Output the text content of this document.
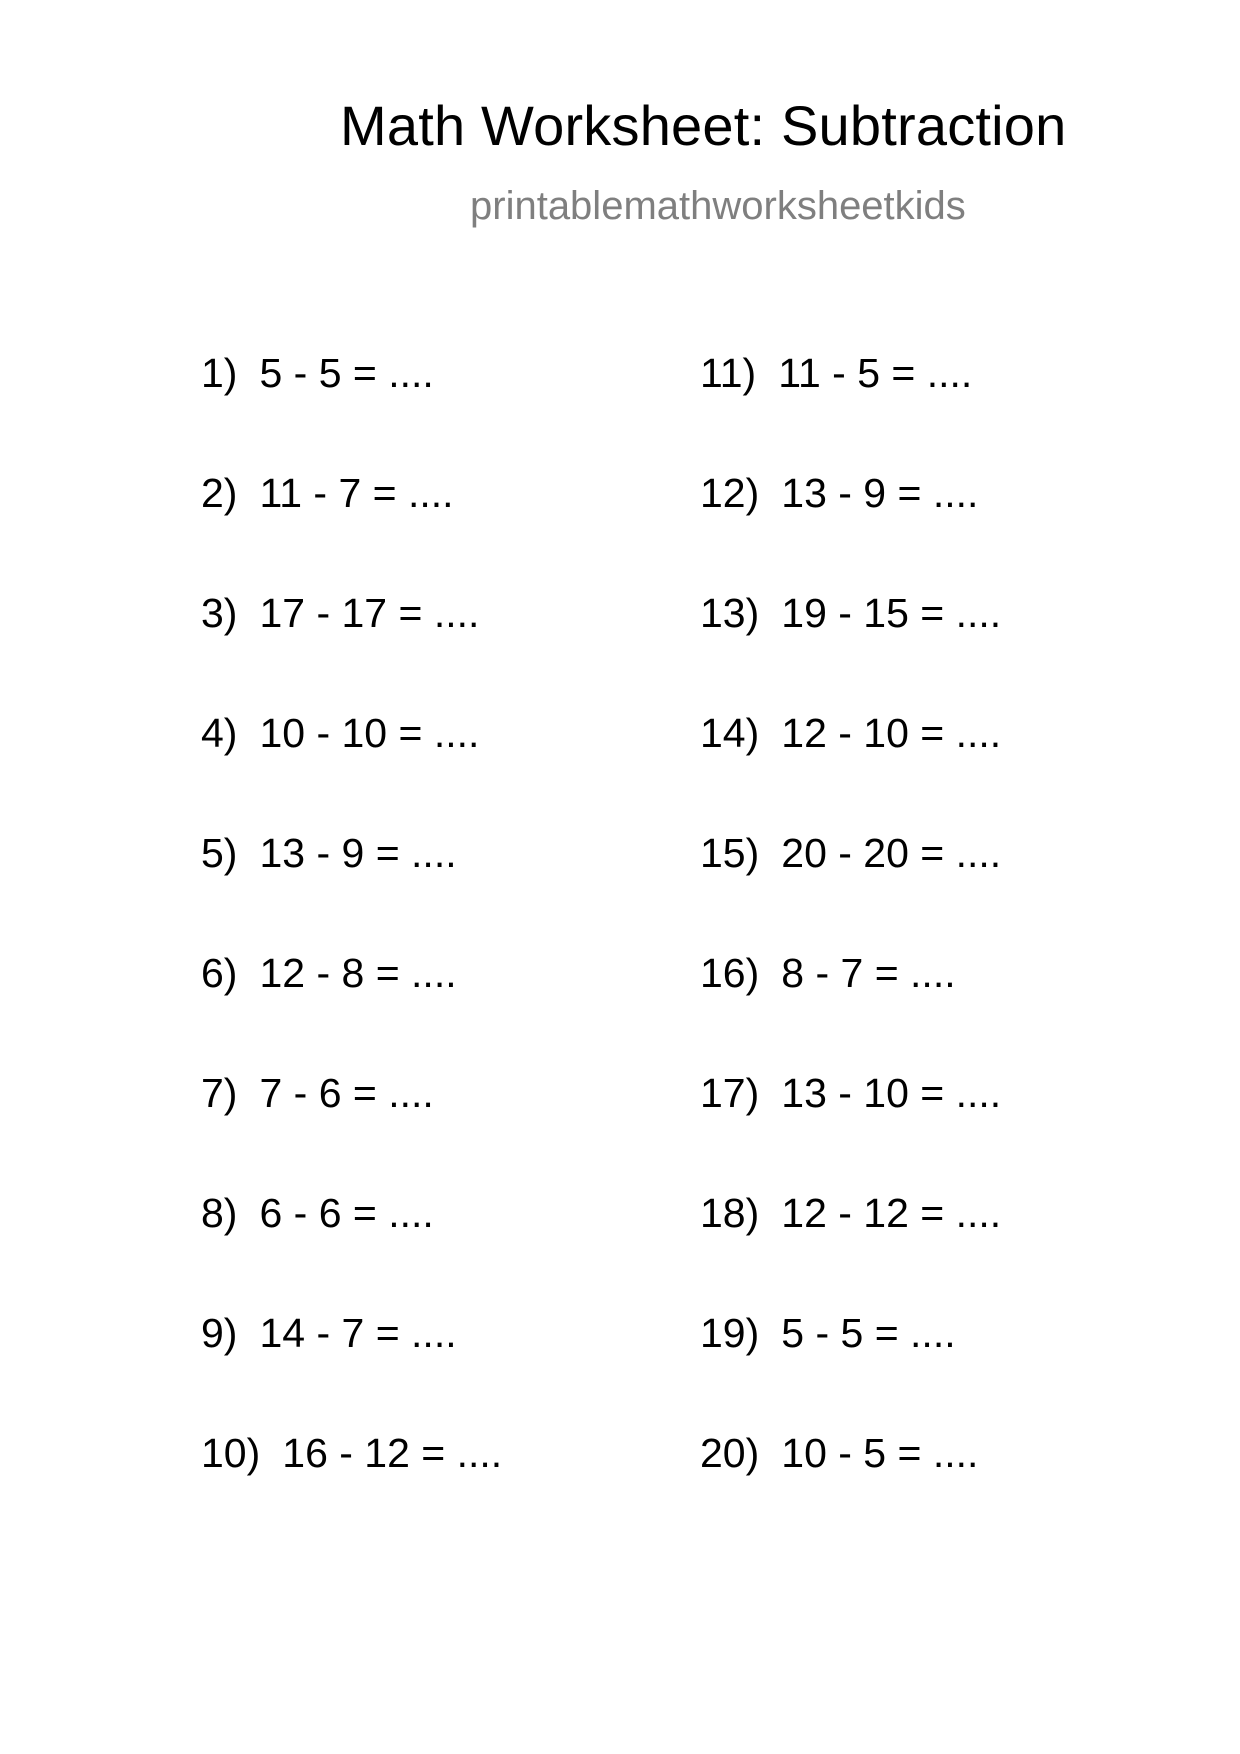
Math Worksheet: Subtraction
printablemathworksheetkids
1) 5 - 5 = ....
2) 11 - 7 = ....
3) 17 - 17 = ....
4) 10 - 10 = ....
5) 13 - 9 = ....
6) 12 - 8 = ....
7) 7 - 6 = ....
8) 6 - 6 = ....
9) 14 - 7 = ....
10) 16 - 12 = ....
11) 11 - 5 = ....
12) 13 - 9 = ....
13) 19 - 15 = ....
14) 12 - 10 = ....
15) 20 - 20 = ....
16) 8 - 7 = ....
17) 13 - 10 = ....
18) 12 - 12 = ....
19) 5 - 5 = ....
20) 10 - 5 = ....
